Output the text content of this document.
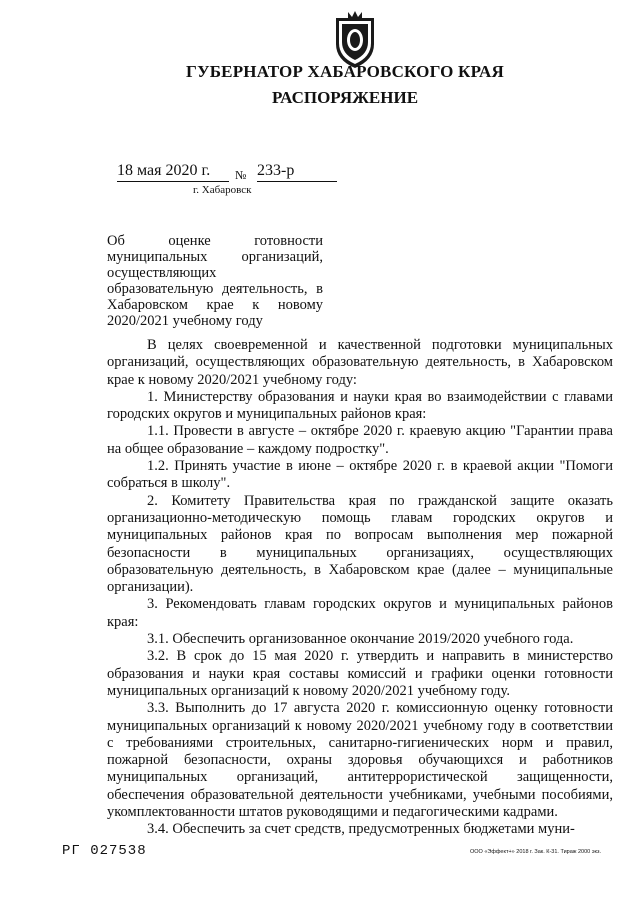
ГУБЕРНАТОР ХАБАРОВСКОГО КРАЯ
РАСПОРЯЖЕНИЕ
18 мая 2020 г.	№ 233-р
г. Хабаровск
Об оценке готовности муниципальных организаций, осуществляющих образовательную деятельность, в Хабаровском крае к новому 2020/2021 учебному году

В целях своевременной и качественной подготовки муниципальных организаций, осуществляющих образовательную деятельность, в Хабаровском крае к новому 2020/2021 учебному году:

1. Министерству образования и науки края во взаимодействии с главами городских округов и муниципальных районов края:

1.1. Провести в августе – октябре 2020 г. краевую акцию "Гарантии права на общее образование – каждому подростку".

1.2. Принять участие в июне – октябре 2020 г. в краевой акции "Помоги собраться в школу".

2. Комитету Правительства края по гражданской защите оказать организационно-методическую помощь главам городских округов и муниципальных районов края по вопросам выполнения мер пожарной безопасности в муниципальных организациях, осуществляющих образовательную деятельность, в Хабаровском крае (далее – муниципальные организации).

3. Рекомендовать главам городских округов и муниципальных районов края:

3.1. Обеспечить организованное окончание 2019/2020 учебного года.

3.2. В срок до 15 мая 2020 г. утвердить и направить в министерство образования и науки края составы комиссий и графики оценки готовности муниципальных организаций к новому 2020/2021 учебному году.

3.3. Выполнить до 17 августа 2020 г. комиссионную оценку готовности муниципальных организаций к новому 2020/2021 учебному году в соответствии с требованиями строительных, санитарно-гигиенических норм и правил, пожарной безопасности, охраны здоровья обучающихся и работников муниципальных организаций, антитеррористической защищенности, обеспечения образовательной деятельности учебниками, учебными пособиями, укомплектованности штатов руководящими и педагогическими кадрами.

3.4. Обеспечить за счет средств, предусмотренных бюджетами муни-

РГ 027538	ООО «Эффект+» 2018 г. Зак. К-31. Тираж 2000 экз.
